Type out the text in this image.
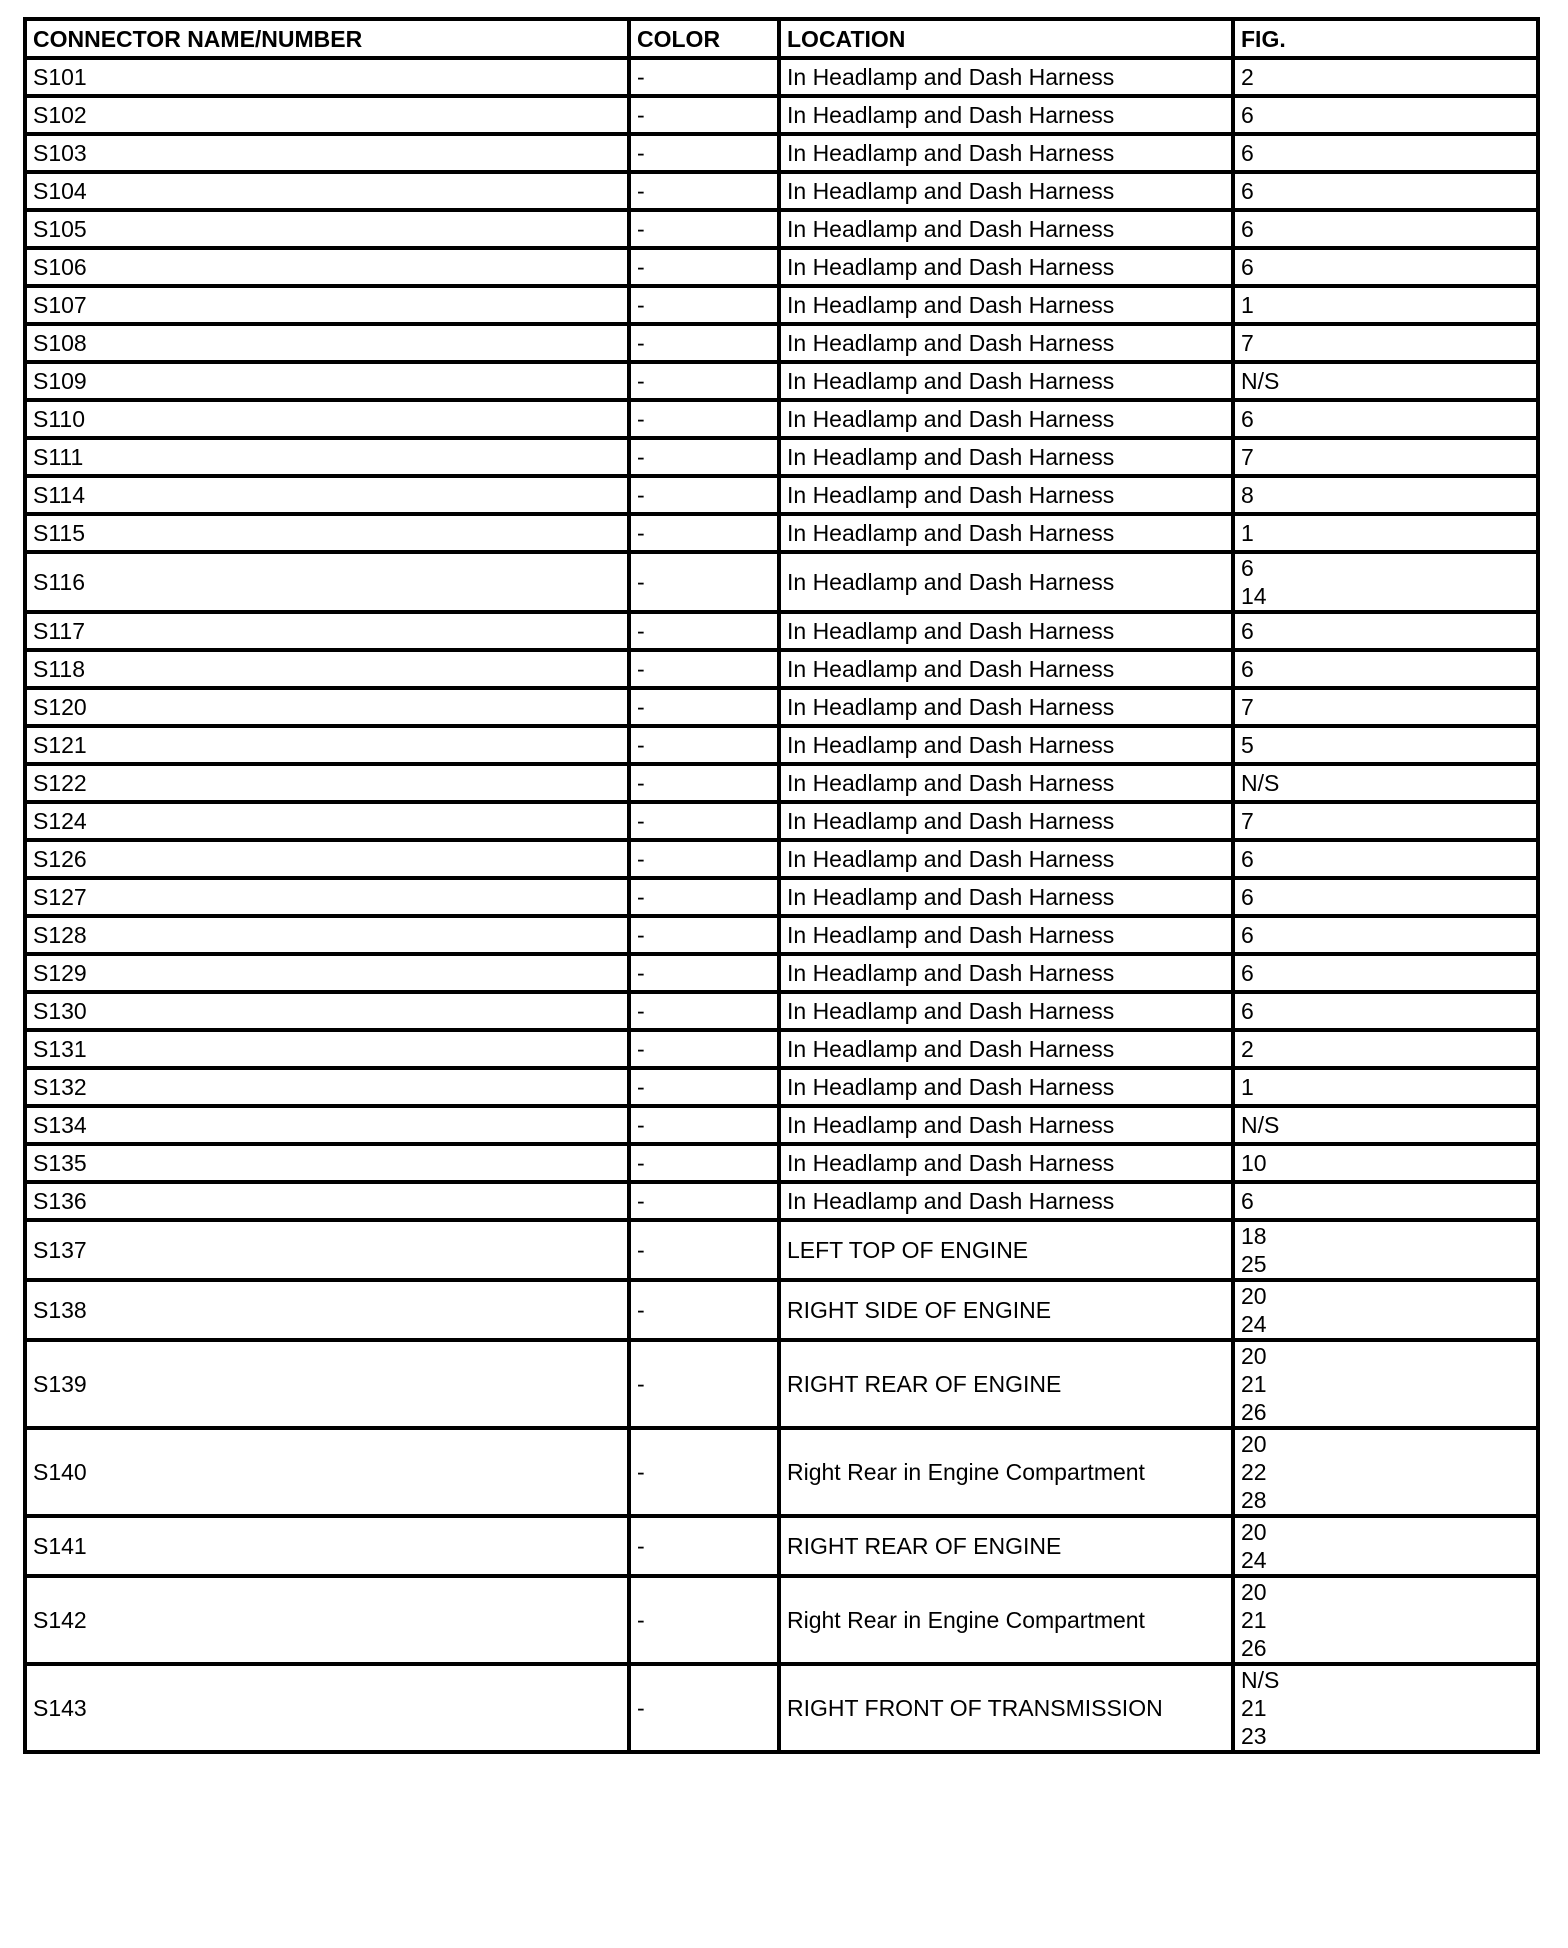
CONNECTOR NAME/NUMBER	COLOR	LOCATION	FIG.
S101	-	In Headlamp and Dash Harness	2

S102	-	In Headlamp and Dash Harness	6

S103	-	In Headlamp and Dash Harness	6

S104	-	In Headlamp and Dash Harness	6

S105	-	In Headlamp and Dash Harness	6

S106	-	In Headlamp and Dash Harness	6

S107	-	In Headlamp and Dash Harness	1

S108	-	In Headlamp and Dash Harness	7

S109	-	In Headlamp and Dash Harness	N/S

S110	-	In Headlamp and Dash Harness	6

S111	-	In Headlamp and Dash Harness	7

S114	-	In Headlamp and Dash Harness	8

S115	-	In Headlamp and Dash Harness	1

S116	-	In Headlamp and Dash Harness	6
14

S117	-	In Headlamp and Dash Harness	6

S118	-	In Headlamp and Dash Harness	6

S120	-	In Headlamp and Dash Harness	7

S121	-	In Headlamp and Dash Harness	5

S122	-	In Headlamp and Dash Harness	N/S

S124	-	In Headlamp and Dash Harness	7

S126	-	In Headlamp and Dash Harness	6

S127	-	In Headlamp and Dash Harness	6

S128	-	In Headlamp and Dash Harness	6

S129	-	In Headlamp and Dash Harness	6

S130	-	In Headlamp and Dash Harness	6

S131	-	In Headlamp and Dash Harness	2

S132	-	In Headlamp and Dash Harness	1

S134	-	In Headlamp and Dash Harness	N/S

S135	-	In Headlamp and Dash Harness	10

S136	-	In Headlamp and Dash Harness	6

S137	-	LEFT TOP OF ENGINE	18
25

S138	-	RIGHT SIDE OF ENGINE	20
24

S139	-	RIGHT REAR OF ENGINE	20
21
26

S140	-	Right Rear in Engine Compartment	20
22
28

S141	-	RIGHT REAR OF ENGINE	20
24

S142	-	Right Rear in Engine Compartment	20
21
26

S143	-	RIGHT FRONT OF TRANSMISSION	N/S
21
23
